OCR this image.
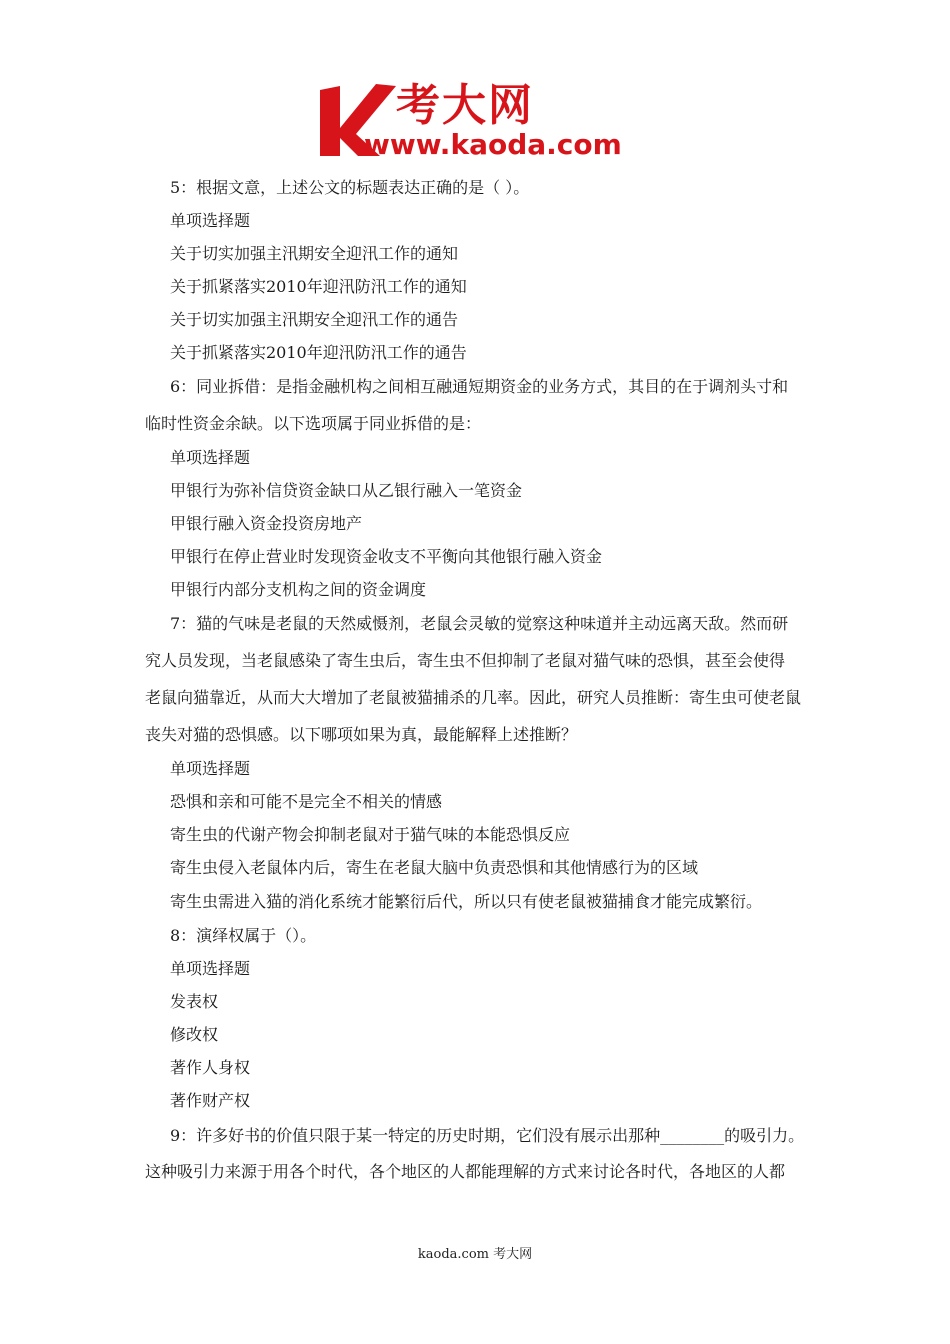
考大网
www.kaoda.com
5：根据文意，上述公文的标题表达正确的是（ ）。
单项选择题
关于切实加强主汛期安全迎汛工作的通知
关于抓紧落实2010年迎汛防汛工作的通知
关于切实加强主汛期安全迎汛工作的通告
关于抓紧落实2010年迎汛防汛工作的通告
6：同业拆借：是指金融机构之间相互融通短期资金的业务方式，其目的在于调剂头寸和
临时性资金余缺。以下选项属于同业拆借的是：
单项选择题
甲银行为弥补信贷资金缺口从乙银行融入一笔资金
甲银行融入资金投资房地产
甲银行在停止营业时发现资金收支不平衡向其他银行融入资金
甲银行内部分支机构之间的资金调度
7：猫的气味是老鼠的天然威慑剂，老鼠会灵敏的觉察这种味道并主动远离天敌。然而研
究人员发现，当老鼠感染了寄生虫后，寄生虫不但抑制了老鼠对猫气味的恐惧，甚至会使得
老鼠向猫靠近，从而大大增加了老鼠被猫捕杀的几率。因此，研究人员推断：寄生虫可使老鼠
丧失对猫的恐惧感。以下哪项如果为真，最能解释上述推断？
单项选择题
恐惧和亲和可能不是完全不相关的情感
寄生虫的代谢产物会抑制老鼠对于猫气味的本能恐惧反应
寄生虫侵入老鼠体内后，寄生在老鼠大脑中负责恐惧和其他情感行为的区域
寄生虫需进入猫的消化系统才能繁衍后代，所以只有使老鼠被猫捕食才能完成繁衍。
8：演绎权属于（）。
单项选择题
发表权
修改权
著作人身权
著作财产权
9：许多好书的价值只限于某一特定的历史时期，它们没有展示出那种________的吸引力。
这种吸引力来源于用各个时代，各个地区的人都能理解的方式来讨论各时代，各地区的人都
kaoda.com 考大网
